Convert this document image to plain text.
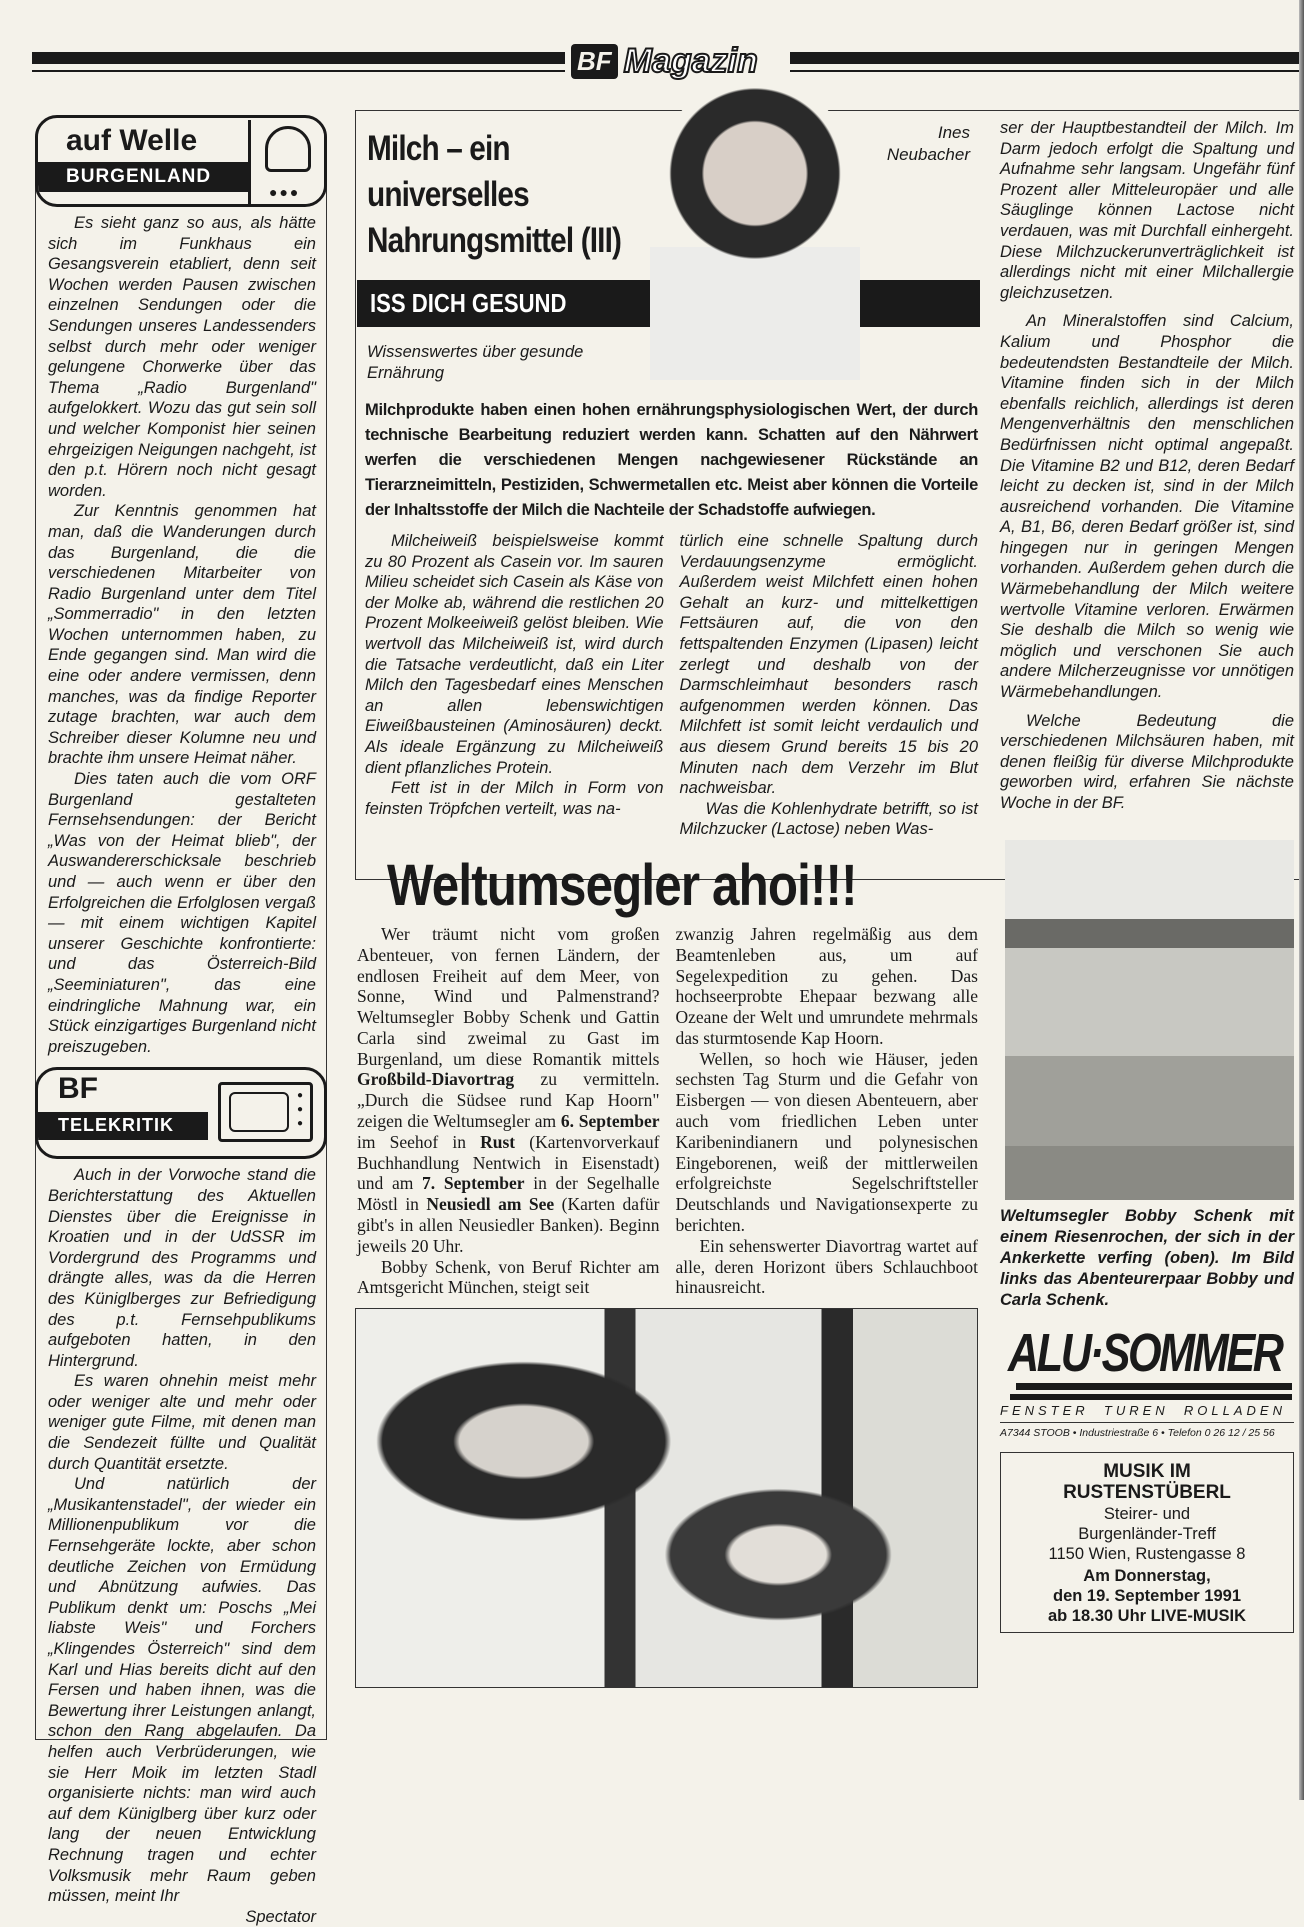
BF Magazin
auf Welle
BURGENLAND
●●●

Es sieht ganz so aus, als hätte sich im Funkhaus ein Gesangsverein etabliert, denn seit Wochen werden Pausen zwischen einzelnen Sendungen oder die Sendungen unseres Landessenders selbst durch mehr oder weniger gelungene Chorwerke über das Thema „Radio Burgenland" aufgelokkert. Wozu das gut sein soll und welcher Komponist hier seinen ehrgeizigen Neigungen nachgeht, ist den p.t. Hörern noch nicht gesagt worden.

Zur Kenntnis genommen hat man, daß die Wanderungen durch das Burgenland, die die verschiedenen Mitarbeiter von Radio Burgenland unter dem Titel „Sommerradio" in den letzten Wochen unternommen haben, zu Ende gegangen sind. Man wird die eine oder andere vermissen, denn manches, was da findige Reporter zutage brachten, war auch dem Schreiber dieser Kolumne neu und brachte ihm unsere Heimat näher.

Dies taten auch die vom ORF Burgenland gestalteten Fernsehsendungen: der Bericht „Was von der Heimat blieb", der Auswandererschicksale beschrieb und — auch wenn er über den Erfolgreichen die Erfolglosen vergaß — mit einem wichtigen Kapitel unserer Geschichte konfrontierte: und das Österreich-Bild „Seeminiaturen", das eine eindringliche Mahnung war, ein Stück einzigartiges Burgenland nicht preiszugeben.

BF
TELEKRITIK
●
●
●

Auch in der Vorwoche stand die Berichterstattung des Aktuellen Dienstes über die Ereignisse in Kroatien und in der UdSSR im Vordergrund des Programms und drängte alles, was da die Herren des Küniglberges zur Befriedigung des p.t. Fernsehpublikums aufgeboten hatten, in den Hintergrund.

Es waren ohnehin meist mehr oder weniger alte und mehr oder weniger gute Filme, mit denen man die Sendezeit füllte und Qualität durch Quantität ersetzte.

Und natürlich der „Musikantenstadel", der wieder ein Millionenpublikum vor die Fernsehgeräte lockte, aber schon deutliche Zeichen von Ermüdung und Abnützung aufwies. Das Publikum denkt um: Poschs „Mei liabste Weis" und Forchers „Klingendes Österreich" sind dem Karl und Hias bereits dicht auf den Fersen und haben ihnen, was die Bewertung ihrer Leistungen anlangt, schon den Rang abgelaufen. Da helfen auch Verbrüderungen, wie sie Herr Moik im letzten Stadl organisierte nichts: man wird auch auf dem Küniglberg über kurz oder lang der neuen Entwicklung Rechnung tragen und echter Volksmusik mehr Raum geben müssen, meint Ihr

Spectator
Milch – ein universelles Nahrungsmittel (III)
ISS DICH GESUND
Ines
Neubacher
Wissenswertes über gesunde Ernährung
Milchprodukte haben einen hohen ernährungsphysiologischen Wert, der durch technische Bearbeitung reduziert werden kann. Schatten auf den Nährwert werfen die verschiedenen Mengen nachgewiesener Rückstände an Tierarzneimitteln, Pestiziden, Schwermetallen etc. Meist aber können die Vorteile der Inhaltsstoffe der Milch die Nachteile der Schadstoffe aufwiegen.

Milcheiweiß beispielsweise kommt zu 80 Prozent als Casein vor. Im sauren Milieu scheidet sich Casein als Käse von der Molke ab, während die restlichen 20 Prozent Molkeeiweiß gelöst bleiben. Wie wertvoll das Milcheiweiß ist, wird durch die Tatsache verdeutlicht, daß ein Liter Milch den Tagesbedarf eines Menschen an allen lebenswichtigen Eiweißbausteinen (Aminosäuren) deckt. Als ideale Ergänzung zu Milcheiweiß dient pflanzliches Protein.

Fett ist in der Milch in Form von feinsten Tröpfchen verteilt, was na-

türlich eine schnelle Spaltung durch Verdauungsenzyme ermöglicht. Außerdem weist Milchfett einen hohen Gehalt an kurz- und mittelkettigen Fettsäuren auf, die von den fettspaltenden Enzymen (Lipasen) leicht zerlegt und deshalb von der Darmschleimhaut besonders rasch aufgenommen werden können. Das Milchfett ist somit leicht verdaulich und aus diesem Grund bereits 15 bis 20 Minuten nach dem Verzehr im Blut nachweisbar.

Was die Kohlenhydrate betrifft, so ist Milchzucker (Lactose) neben Was-

Weltumsegler ahoi!!!

Wer träumt nicht vom großen Abenteuer, von fernen Ländern, der endlosen Freiheit auf dem Meer, von Sonne, Wind und Palmenstrand? Weltumsegler Bobby Schenk und Gattin Carla sind zweimal zu Gast im Burgenland, um diese Romantik mittels Großbild-Diavortrag zu vermitteln. „Durch die Südsee rund Kap Hoorn" zeigen die Weltumsegler am 6. September im Seehof in Rust (Kartenvorverkauf Buchhandlung Nentwich in Eisenstadt) und am 7. September in der Segelhalle Möstl in Neusiedl am See (Karten dafür gibt's in allen Neusiedler Banken). Beginn jeweils 20 Uhr.

Bobby Schenk, von Beruf Richter am Amtsgericht München, steigt seit

zwanzig Jahren regelmäßig aus dem Beamtenleben aus, um auf Segelexpedition zu gehen. Das hochseerprobte Ehepaar bezwang alle Ozeane der Welt und umrundete mehrmals das sturmtosende Kap Hoorn.

Wellen, so hoch wie Häuser, jeden sechsten Tag Sturm und die Gefahr von Eisbergen — von diesen Abenteuern, aber auch vom friedlichen Leben unter Karibenindianern und polynesischen Eingeborenen, weiß der mittlerweilen erfolgreichste Segelschriftsteller Deutschlands und Navigationsexperte zu berichten.

Ein sehenswerter Diavortrag wartet auf alle, deren Horizont übers Schlauchboot hinausreicht.

ser der Hauptbestandteil der Milch. Im Darm jedoch erfolgt die Spaltung und Aufnahme sehr langsam. Ungefähr fünf Prozent aller Mitteleuropäer und alle Säuglinge können Lactose nicht verdauen, was mit Durchfall einhergeht. Diese Milchzuckerunverträglichkeit ist allerdings nicht mit einer Milchallergie gleichzusetzen.

An Mineralstoffen sind Calcium, Kalium und Phosphor die bedeutendsten Bestandteile der Milch. Vitamine finden sich in der Milch ebenfalls reichlich, allerdings ist deren Mengenverhältnis den menschlichen Bedürfnissen nicht optimal angepaßt. Die Vitamine B2 und B12, deren Bedarf leicht zu decken ist, sind in der Milch ausreichend vorhanden. Die Vitamine A, B1, B6, deren Bedarf größer ist, sind hingegen nur in geringen Mengen vorhanden. Außerdem gehen durch die Wärmebehandlung der Milch weitere wertvolle Vitamine verloren. Erwärmen Sie deshalb die Milch so wenig wie möglich und verschonen Sie auch andere Milcherzeugnisse vor unnötigen Wärmebehandlungen.

Welche Bedeutung die verschiedenen Milchsäuren haben, mit denen fleißig für diverse Milchprodukte geworben wird, erfahren Sie nächste Woche in der BF.

Weltumsegler Bobby Schenk mit einem Riesenrochen, der sich in der Ankerkette verfing (oben). Im Bild links das Abenteurerpaar Bobby und Carla Schenk.
ALU·SOMMER
FENSTER  TUREN  ROLLADEN
A7344 STOOB • Industriestraße 6 • Telefon 0 26 12 / 25 56
MUSIK IM
RUSTENSTÜBERL
Steirer- und
Burgenländer-Treff
1150 Wien, Rustengasse 8
Am Donnerstag,
den 19. September 1991
ab 18.30 Uhr LIVE-MUSIK
